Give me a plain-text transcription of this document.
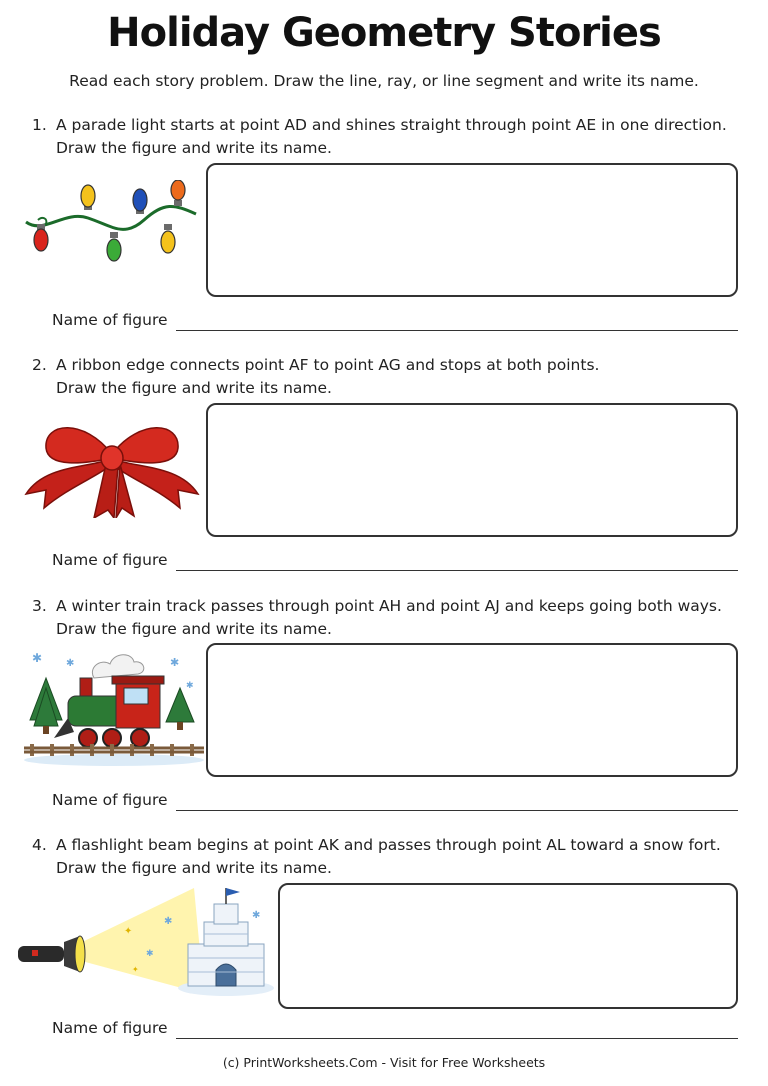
Holiday Geometry Stories
Read each story problem. Draw the line, ray, or line segment and write its name.
1. A parade light starts at point AD and shines straight through point AE in one direction.
Draw the figure and write its name.
Name of figure
2. A ribbon edge connects point AF to point AG and stops at both points.
Draw the figure and write its name.
Name of figure
3. A winter train track passes through point AH and point AJ and keeps going both ways.
Draw the figure and write its name.
✱ ✱	✱
✱
Name of figure
4. A flashlight beam begins at point AK and passes through point AL toward a snow fort.
Draw the figure and write its name.
✦
✱
✱
✦
✱
Name of figure
(c) PrintWorksheets.Com - Visit for Free Worksheets
